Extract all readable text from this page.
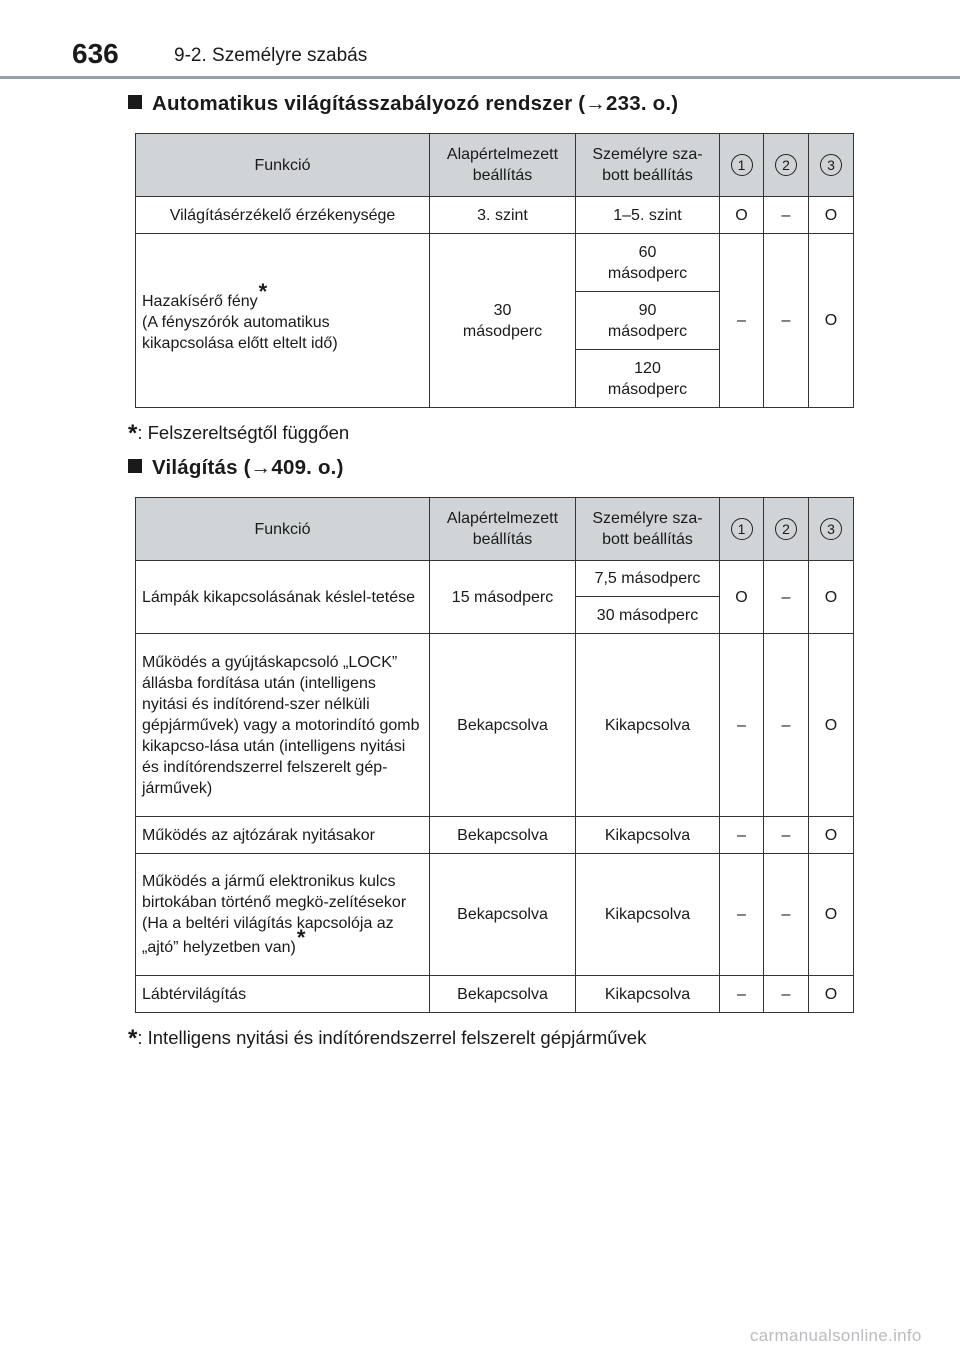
636	9-2. Személyre szabás
Automatikus világításszabályozó rendszer (→233. o.)
Funkció	Alapértelmezett beállítás	Személyre sza-bott beállítás	1	2	3
Világításérzékelő érzékenysége	3. szint	1–5. szint	O	–	O
Hazakísérő fény*
(A fényszórók automatikus kikapcsolása előtt eltelt idő)	30 másodperc	60 másodperc	–	–	O
		90 másodperc			
		120 másodperc			
*: Felszereltségtől függően
Világítás (→409. o.)
Funkció	Alapértelmezett beállítás	Személyre sza-bott beállítás	1	2	3
Lámpák kikapcsolásának késlel-tetése	15 másodperc	7,5 másodperc	O	–	O
		30 másodperc			
Működés a gyújtáskapcsoló „LOCK” állásba fordítása után (intelligens nyitási és indítórend-szer nélküli gépjárművek) vagy a motorindító gomb kikapcso-lása után (intelligens nyitási és indítórendszerrel felszerelt gép-járművek)	Bekapcsolva	Kikapcsolva	–	–	O
Működés az ajtózárak nyitásakor	Bekapcsolva	Kikapcsolva	–	–	O
Működés a jármű elektronikus kulcs birtokában történő megkö-zelítésekor (Ha a beltéri világítás kapcsolója az „ajtó” helyzetben van)*	Bekapcsolva	Kikapcsolva	–	–	O
Lábtérvilágítás	Bekapcsolva	Kikapcsolva	–	–	O
*: Intelligens nyitási és indítórendszerrel felszerelt gépjárművek
carmanualsonline.info
